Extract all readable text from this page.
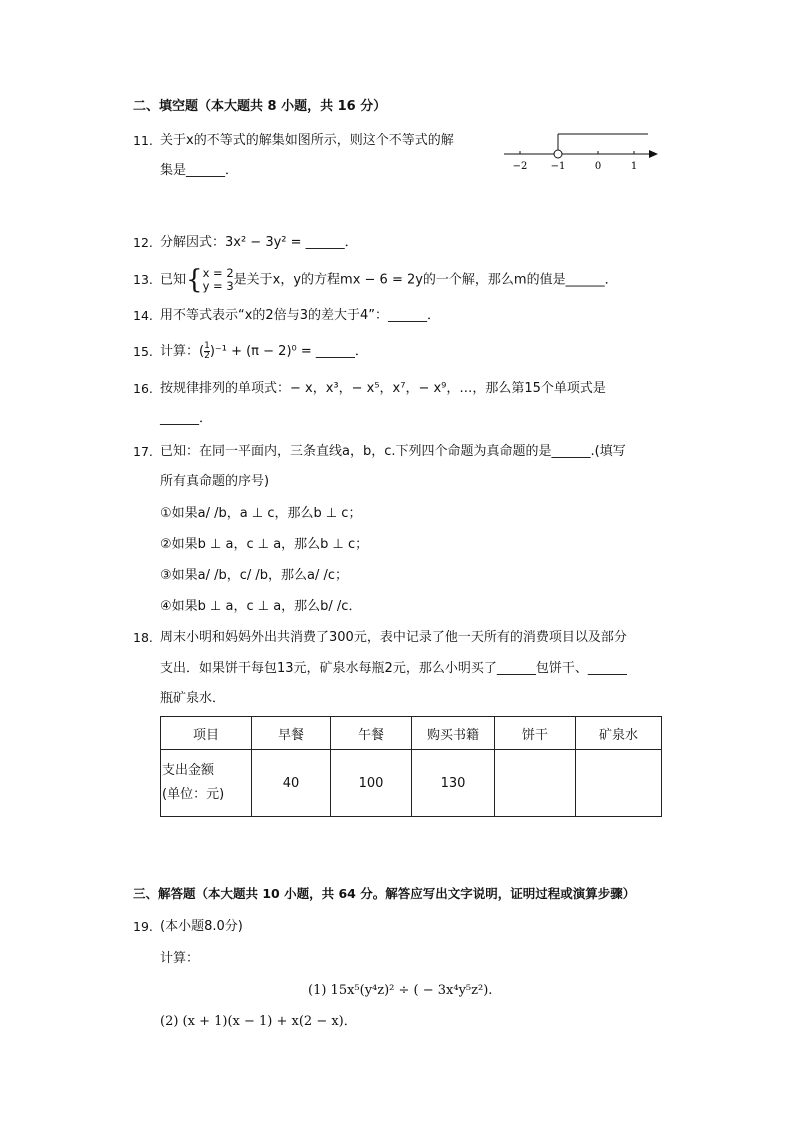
二、填空题（本大题共 8 小题，共 16 分）
11. 关于x的不等式的解集如图所示，则这个不等式的解
集是______．	−2 −1	0	1
12. 分解因式：3x² − 3y² = ______．
13. 已知{ x = 2
y = 3 是关于x，y的方程mx − 6 = 2y的一个解，那么m的值是______．
14. 用不等式表示“x的2倍与3的差大于4”：______．
15. 计算：( $\frac{1}{2} )^{-1} + (\pi - 2)^0$ = ______．
16. 按规律排列的单项式：− x，x³，− x⁵，x⁷，− x⁹，…，那么第15个单项式是
______．
17. 已知：在同一平面内，三条直线a，b，c.下列四个命题为真命题的是______.(填写
所有真命题的序号)
①如果a/ /b，a ⊥ c，那么b ⊥ c；
②如果b ⊥ a，c ⊥ a，那么b ⊥ c；
③如果a/ /b，c/ /b，那么a/ /c；
④如果b ⊥ a，c ⊥ a，那么b/ /c．
18. 周末小明和妈妈外出共消费了300元，表中记录了他一天所有的消费项目以及部分
支出．如果饼干每包13元，矿泉水每瓶2元，那么小明买了______包饼干、______
瓶矿泉水．
项目	早餐	午餐	购买书籍	饼干	矿泉水
支出金额
(单位：元)	40	100	130		
三、解答题（本大题共 10 小题，共 64 分。解答应写出文字说明，证明过程或演算步骤）
19. (本小题8.0分)
计算：
(1) 15x⁵(y⁴z)² ÷ ( − 3x⁴y⁵z²).
(2) (x + 1)(x − 1) + x(2 − x)．
